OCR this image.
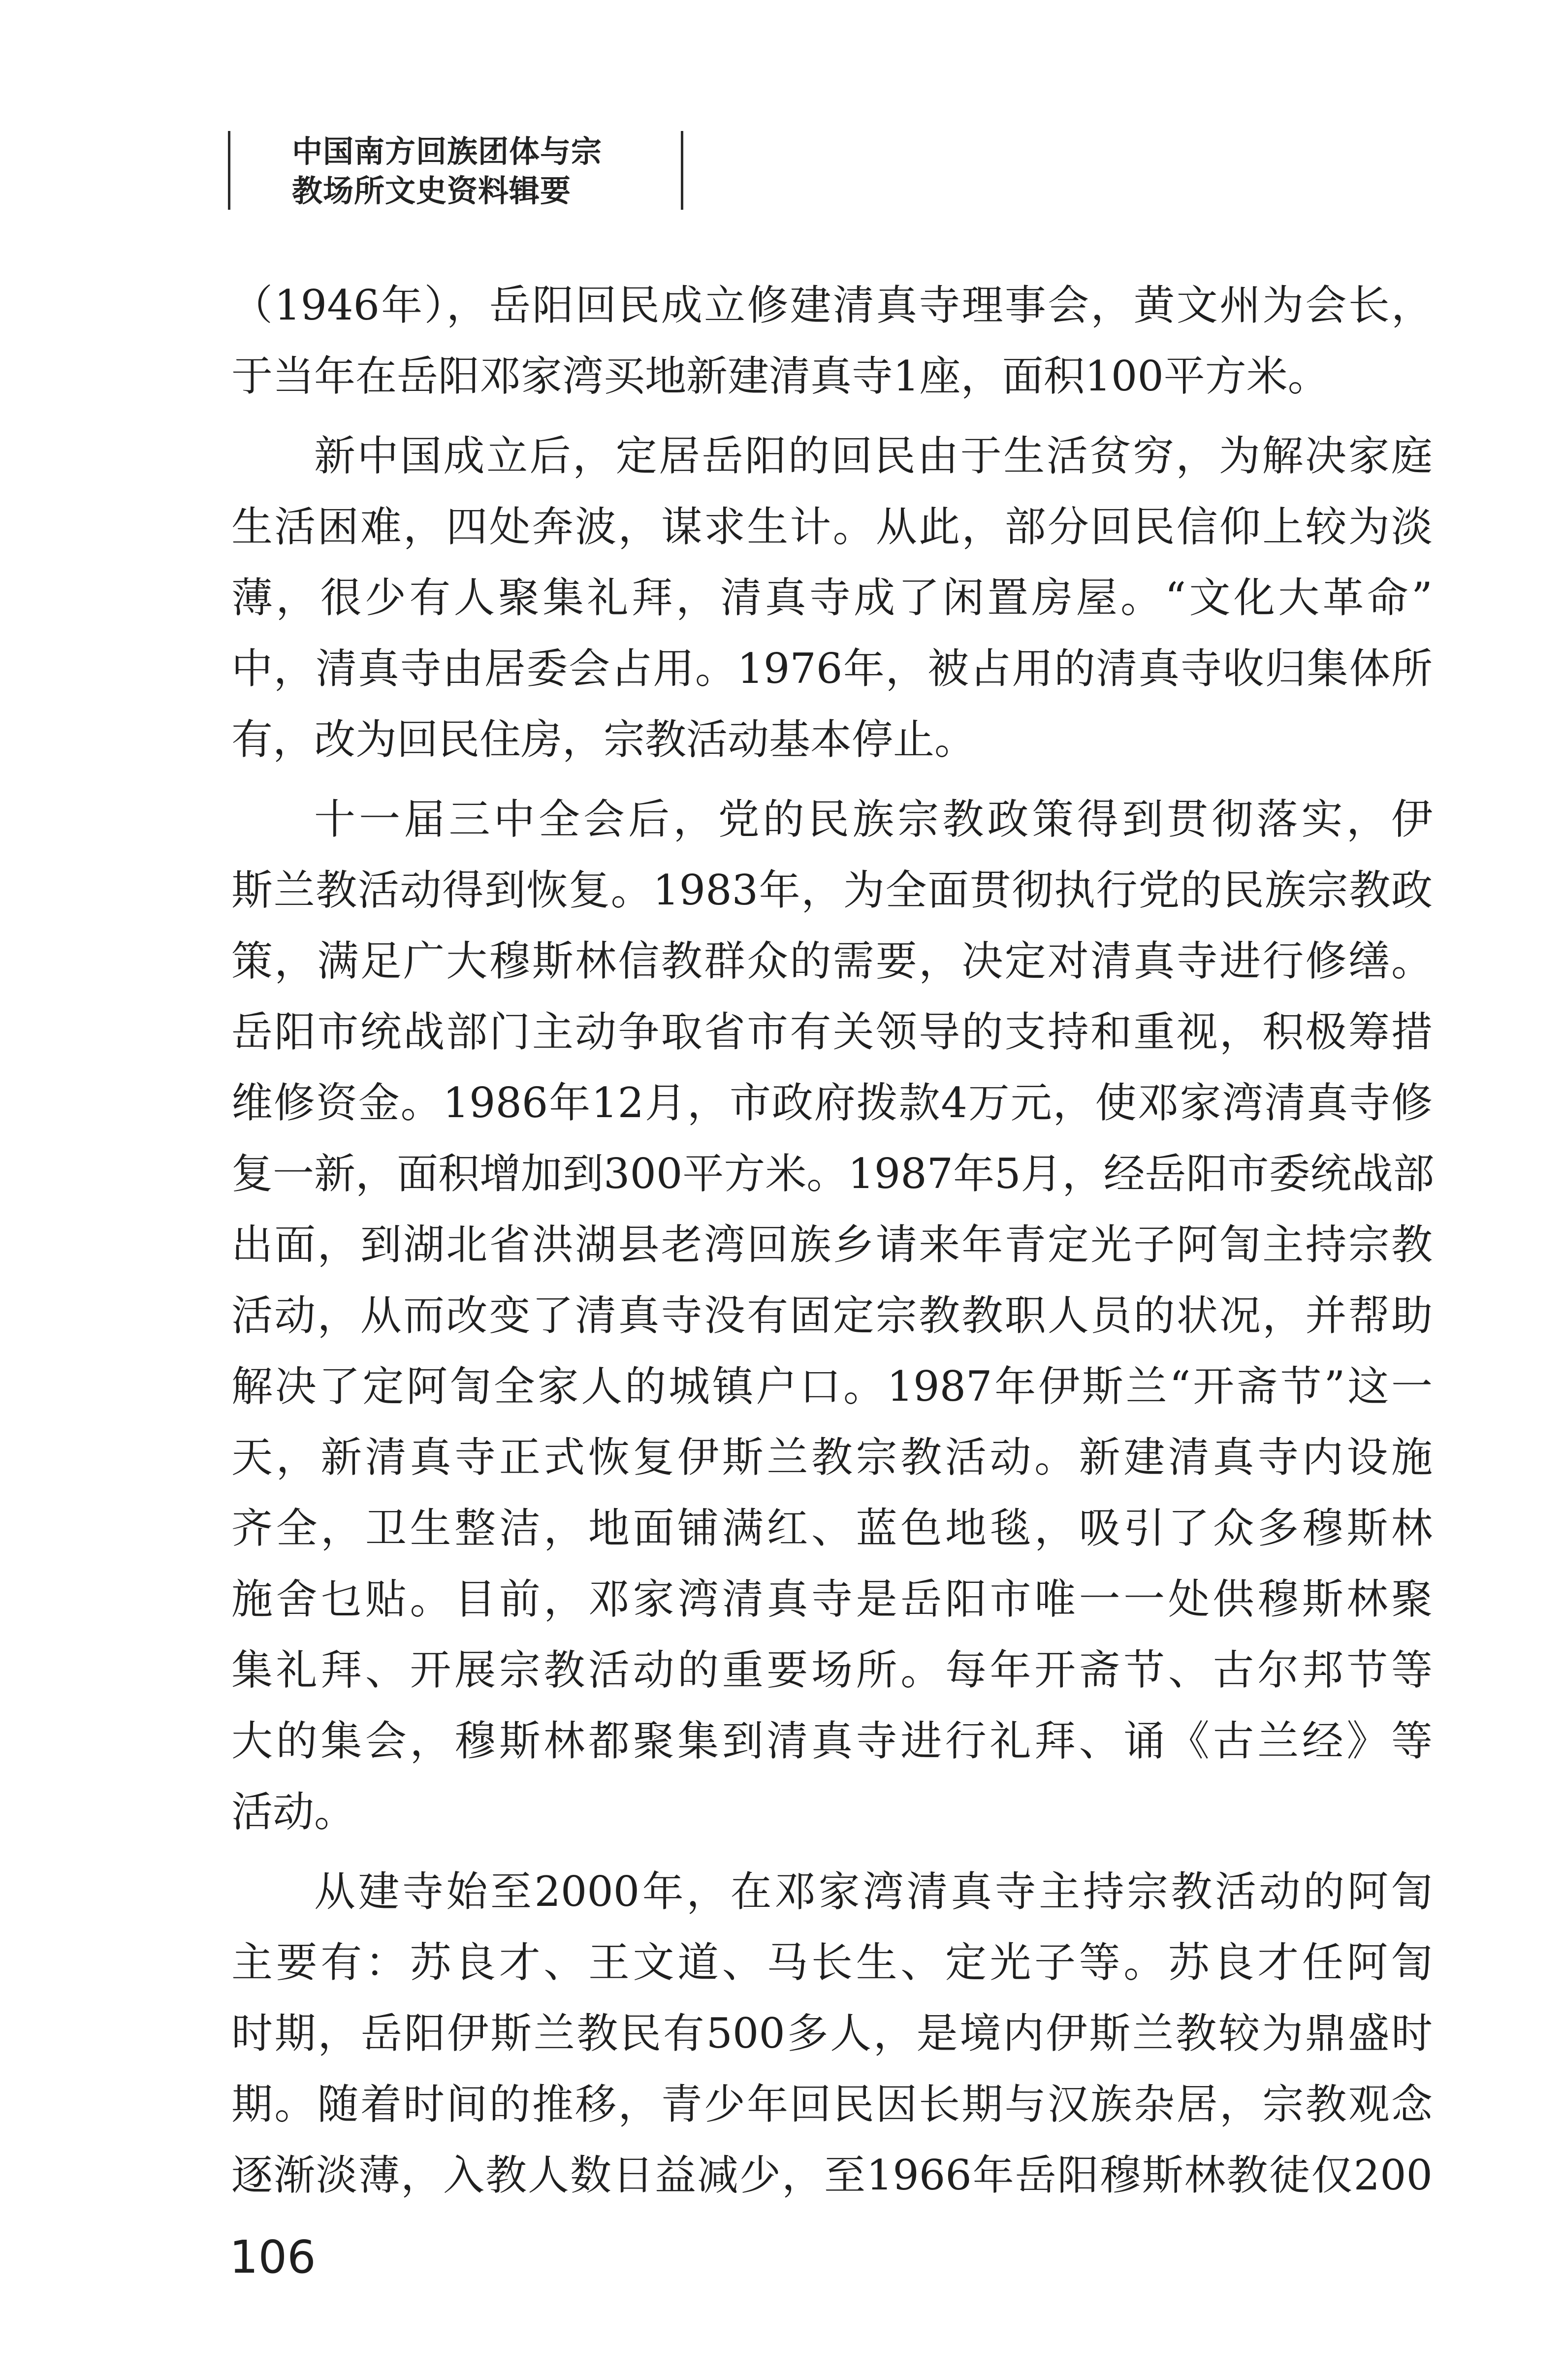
中国南方回族团体与宗
教场所文史资料辑要
（1946年），岳阳回民成立修建清真寺理事会，黄文州为会长，
于当年在岳阳邓家湾买地新建清真寺1座，面积100平方米。
新中国成立后，定居岳阳的回民由于生活贫穷，为解决家庭
生活困难，四处奔波，谋求生计。从此，部分回民信仰上较为淡
薄，很少有人聚集礼拜，清真寺成了闲置房屋。“文化大革命”
中，清真寺由居委会占用。1976年，被占用的清真寺收归集体所
有，改为回民住房，宗教活动基本停止。
十一届三中全会后，党的民族宗教政策得到贯彻落实，伊
斯兰教活动得到恢复。1983年，为全面贯彻执行党的民族宗教政
策，满足广大穆斯林信教群众的需要，决定对清真寺进行修缮。
岳阳市统战部门主动争取省市有关领导的支持和重视，积极筹措
维修资金。1986年12月，市政府拨款4万元，使邓家湾清真寺修
复一新，面积增加到300平方米。1987年5月，经岳阳市委统战部
出面，到湖北省洪湖县老湾回族乡请来年青定光子阿訇主持宗教
活动，从而改变了清真寺没有固定宗教教职人员的状况，并帮助
解决了定阿訇全家人的城镇户口。1987年伊斯兰“开斋节”这一
天，新清真寺正式恢复伊斯兰教宗教活动。新建清真寺内设施
齐全，卫生整洁，地面铺满红、蓝色地毯，吸引了众多穆斯林
施舍乜贴。目前，邓家湾清真寺是岳阳市唯一一处供穆斯林聚
集礼拜、开展宗教活动的重要场所。每年开斋节、古尔邦节等
大的集会，穆斯林都聚集到清真寺进行礼拜、诵《古兰经》等
活动。
从建寺始至2000年，在邓家湾清真寺主持宗教活动的阿訇
主要有：苏良才、王文道、马长生、定光子等。苏良才任阿訇
时期，岳阳伊斯兰教民有500多人，是境内伊斯兰教较为鼎盛时
期。随着时间的推移，青少年回民因长期与汉族杂居，宗教观念
逐渐淡薄，入教人数日益减少，至1966年岳阳穆斯林教徒仅200
106
